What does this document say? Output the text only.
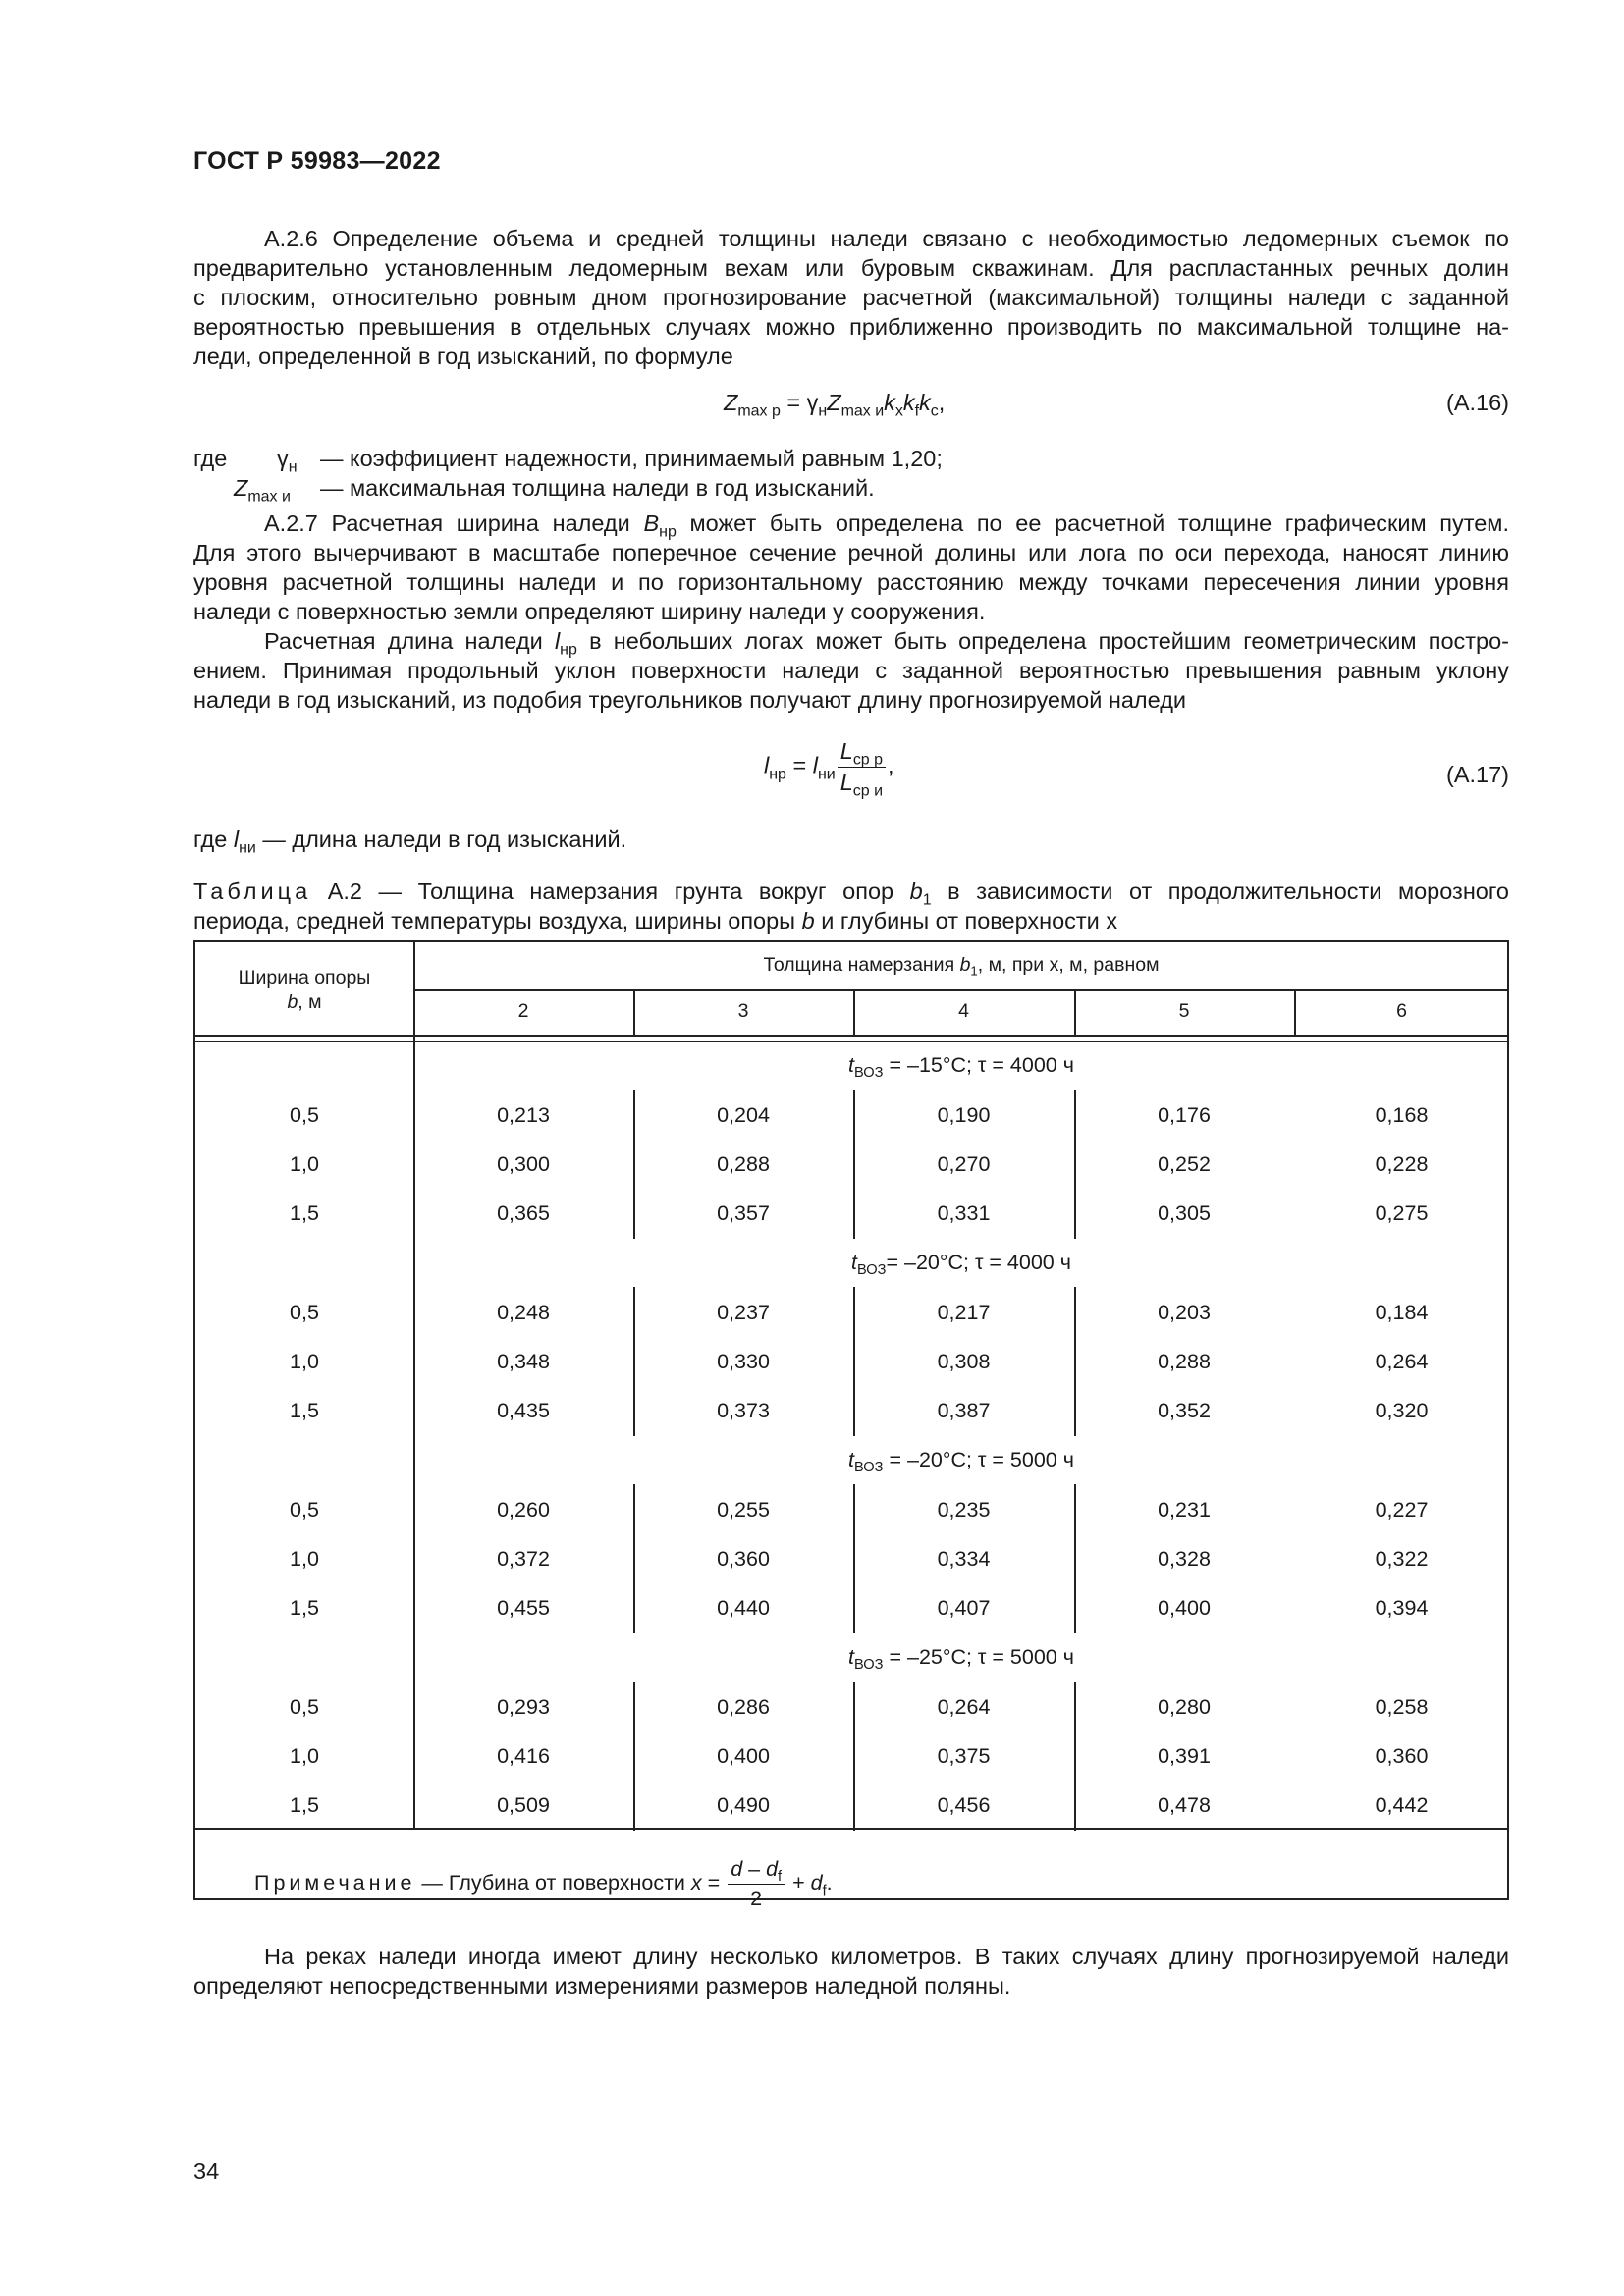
ГОСТ Р 59983—2022
А.2.6 Определение объема и средней толщины наледи связано с необходимостью ледомерных съемок по
предварительно установленным ледомерным вехам или буровым скважинам. Для распластанных речных долин
с плоским, относительно ровным дном прогнозирование расчетной (максимальной) толщины наледи с заданной
вероятностью превышения в отдельных случаях можно приближенно производить по максимальной толщине на-
леди, определенной в год изысканий, по формуле
$Z_{max р} = \gamma_нZ_{max и}k_xk_fk_c$,	(А.16)
где $\gamma_н$ — коэффициент надежности, принимаемый равным 1,20;
$Z_{max и}$ — максимальная толщина наледи в год изысканий.
А.2.7 Расчетная ширина наледи $B_{нр}$ может быть определена по ее расчетной толщине графическим путем.
Для этого вычерчивают в масштабе поперечное сечение речной долины или лога по оси перехода, наносят линию
уровня расчетной толщины наледи и по горизонтальному расстоянию между точками пересечения линии уровня
наледи с поверхностью земли определяют ширину наледи у сооружения.
Расчетная длина наледи $l_{нр}$ в небольших логах может быть определена простейшим геометрическим постро-
ением. Принимая продольный уклон поверхности наледи с заданной вероятностью превышения равным уклону
наледи в год изысканий, из подобия треугольников получают длину прогнозируемой наледи
$l_{нр} = l_{ни} \frac{L_{ср р}}{L_{ср и}}$ ,	(А.17)
где $l_{ни}$ — длина наледи в год изысканий.
Таблица А.2 — Толщина намерзания грунта вокруг опор $b_1$ в зависимости от продолжительности морозного
периода, средней температуры воздуха, ширины опоры b и глубины от поверхности x
Ширина опоры
b, м
Толщина намерзания $b_1$, м, при x, м, равном
2	3	4	5	6
$t_{ВОЗ} = -15^\circ C$; τ = 4000 ч
0,5	0,213	0,204	0,190	0,176	0,168
1,0	0,300	0,288	0,270	0,252	0,228
1,5	0,365	0,357	0,331	0,305	0,275
$t_{ВОЗ}= -20^\circ C$; τ = 4000 ч
0,5	0,248	0,237	0,217	0,203	0,184
1,0	0,348	0,330	0,308	0,288	0,264
1,5	0,435	0,373	0,387	0,352	0,320
$t_{ВОЗ} = -20^\circ C$; τ = 5000 ч
0,5	0,260	0,255	0,235	0,231	0,227
1,0	0,372	0,360	0,334	0,328	0,322
1,5	0,455	0,440	0,407	0,400	0,394
$t_{ВОЗ} = -25^\circ C$; τ = 5000 ч
0,5	0,293	0,286	0,264	0,280	0,258
1,0	0,416	0,400	0,375	0,391	0,360
1,5	0,509	0,490	0,456	0,478	0,442
Примечание — Глубина от поверхности $x = \frac{d - d_f}{2} + d_f$.
На реках наледи иногда имеют длину несколько километров. В таких случаях длину прогнозируемой наледи
определяют непосредственными измерениями размеров наледной поляны.
34
